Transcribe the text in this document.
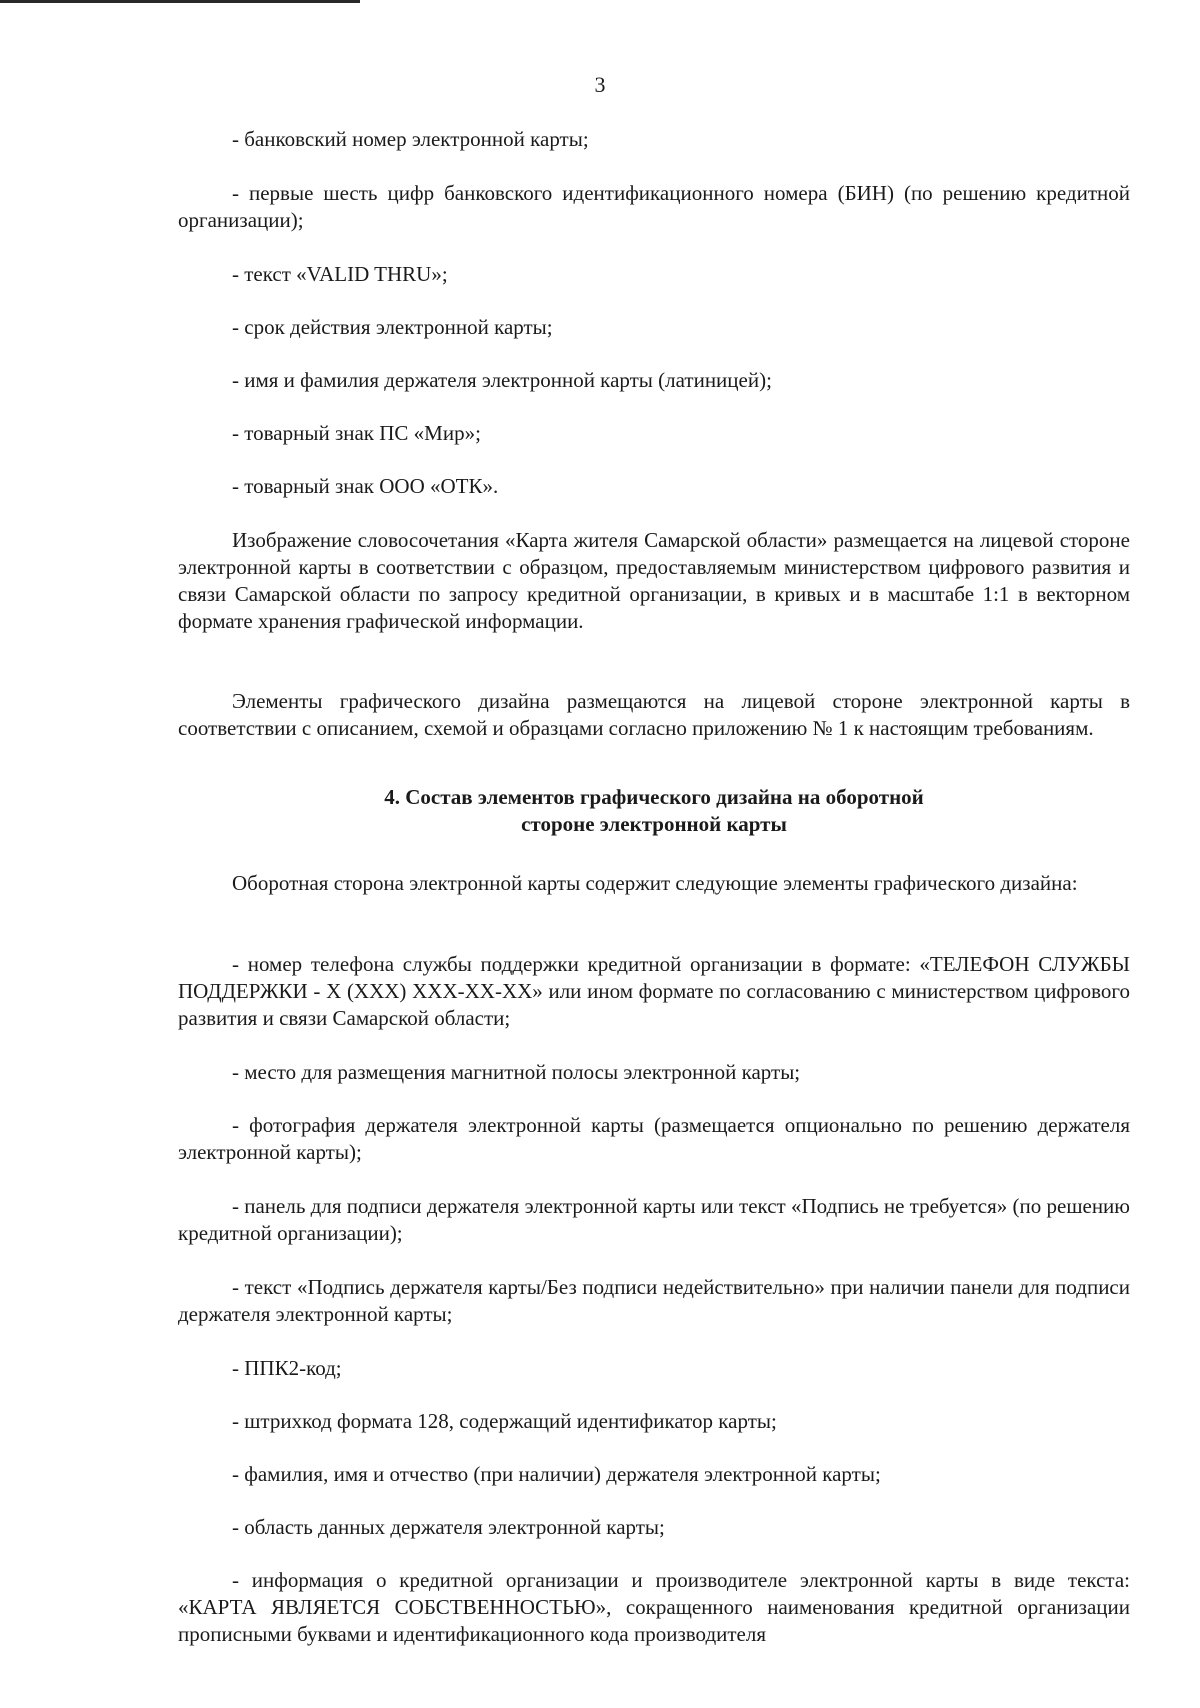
3

- банковский номер электронной карты;

- первые шесть цифр банковского идентификационного номера (БИН) (по решению кредитной организации);

- текст «VALID THRU»;

- срок действия электронной карты;

- имя и фамилия держателя электронной карты (латиницей);

- товарный знак ПС «Мир»;

- товарный знак ООО «ОТК».

Изображение словосочетания «Карта жителя Самарской области» размещается на лицевой стороне электронной карты в соответствии с образцом, предоставляемым министерством цифрового развития и связи Самарской области по запросу кредитной организации, в кривых и в масштабе 1:1 в векторном формате хранения графической информации.

Элементы графического дизайна размещаются на лицевой стороне электронной карты в соответствии с описанием, схемой и образцами согласно приложению № 1 к настоящим требованиям.

4. Состав элементов графического дизайна на оборотной

стороне электронной карты

Оборотная сторона электронной карты содержит следующие элементы графического дизайна:

- номер телефона службы поддержки кредитной организации в формате: «ТЕЛЕФОН СЛУЖБЫ ПОДДЕРЖКИ - X (XXX) XXX-XX-XX» или ином формате по согласованию с министерством цифрового развития и связи Самарской области;

- место для размещения магнитной полосы электронной карты;

- фотография держателя электронной карты (размещается опционально по решению держателя электронной карты);

- панель для подписи держателя электронной карты или текст «Подпись не требуется» (по решению кредитной организации);

- текст «Подпись держателя карты/Без подписи недействительно» при наличии панели для подписи держателя электронной карты;

- ППК2-код;

- штрихкод формата 128, содержащий идентификатор карты;

- фамилия, имя и отчество (при наличии) держателя электронной карты;

- область данных держателя электронной карты;

- информация о кредитной организации и производителе электронной карты в виде текста: «КАРТА ЯВЛЯЕТСЯ СОБСТВЕННОСТЬЮ», сокращенного наименования кредитной организации прописными буквами и идентификационного кода производителя
